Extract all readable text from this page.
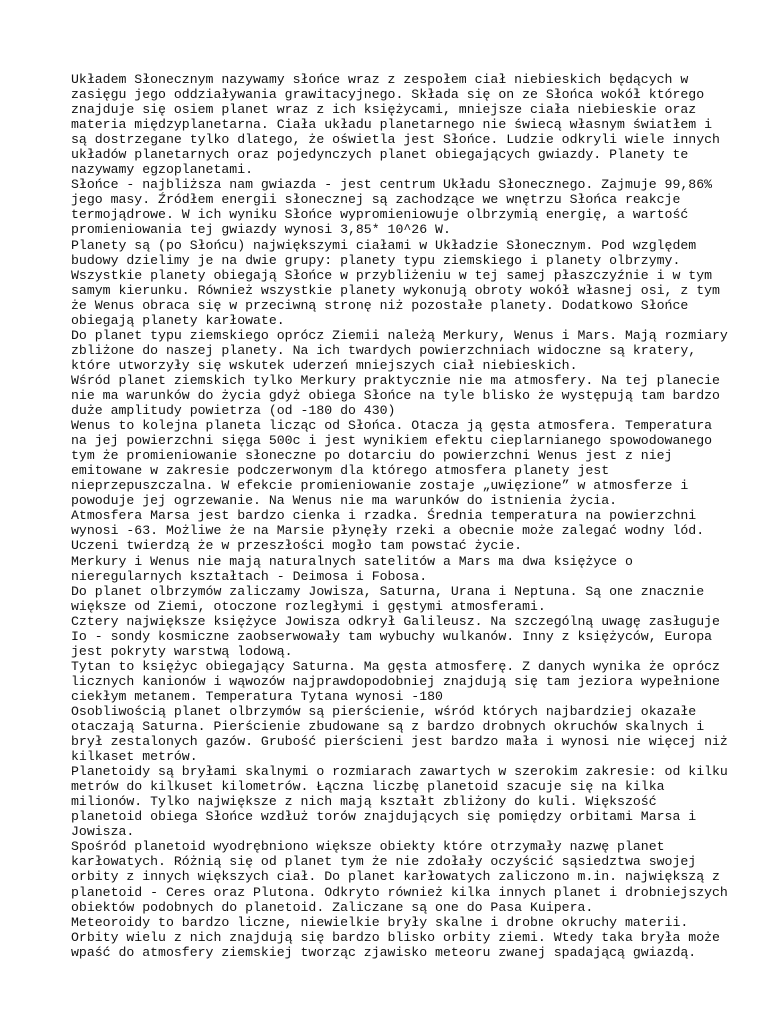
Układem Słonecznym nazywamy słońce wraz z zespołem ciał niebieskich będących w
zasięgu jego oddziaływania grawitacyjnego. Składa się on ze Słońca wokół którego
znajduje się osiem planet wraz z ich księżycami, mniejsze ciała niebieskie oraz
materia międzyplanetarna. Ciała układu planetarnego nie świecą własnym światłem i
są dostrzegane tylko dlatego, że oświetla jest Słońce. Ludzie odkryli wiele innych
układów planetarnych oraz pojedynczych planet obiegających gwiazdy. Planety te
nazywamy egzoplanetami.
Słońce - najbliższa nam gwiazda - jest centrum Układu Słonecznego. Zajmuje 99,86%
jego masy. Źródłem energii słonecznej są zachodzące we wnętrzu Słońca reakcje
termojądrowe. W ich wyniku Słońce wypromieniowuje olbrzymią energię, a wartość
promieniowania tej gwiazdy wynosi 3,85* 10^26 W.
Planety są (po Słońcu) największymi ciałami w Układzie Słonecznym. Pod względem
budowy dzielimy je na dwie grupy: planety typu ziemskiego i planety olbrzymy.
Wszystkie planety obiegają Słońce w przybliżeniu w tej samej płaszczyźnie i w tym
samym kierunku. Również wszystkie planety wykonują obroty wokół własnej osi, z tym
że Wenus obraca się w przeciwną stronę niż pozostałe planety. Dodatkowo Słońce
obiegają planety karłowate.
Do planet typu ziemskiego oprócz Ziemii należą Merkury, Wenus i Mars. Mają rozmiary
zbliżone do naszej planety. Na ich twardych powierzchniach widoczne są kratery,
które utworzyły się wskutek uderzeń mniejszych ciał niebieskich.
Wśród planet ziemskich tylko Merkury praktycznie nie ma atmosfery. Na tej planecie
nie ma warunków do życia gdyż obiega Słońce na tyle blisko że występują tam bardzo
duże amplitudy powietrza (od -180 do 430)
Wenus to kolejna planeta licząc od Słońca. Otacza ją gęsta atmosfera. Temperatura
na jej powierzchni sięga 500c i jest wynikiem efektu cieplarnianego spowodowanego
tym że promieniowanie słoneczne po dotarciu do powierzchni Wenus jest z niej
emitowane w zakresie podczerwonym dla którego atmosfera planety jest
nieprzepuszczalna. W efekcie promieniowanie zostaje „uwięzione” w atmosferze i
powoduje jej ogrzewanie. Na Wenus nie ma warunków do istnienia życia.
Atmosfera Marsa jest bardzo cienka i rzadka. Średnia temperatura na powierzchni
wynosi -63. Możliwe że na Marsie płynęły rzeki a obecnie może zalegać wodny lód.
Uczeni twierdzą że w przeszłości mogło tam powstać życie.
Merkury i Wenus nie mają naturalnych satelitów a Mars ma dwa księżyce o
nieregularnych kształtach - Deimosa i Fobosa.
Do planet olbrzymów zaliczamy Jowisza, Saturna, Urana i Neptuna. Są one znacznie
większe od Ziemi, otoczone rozległymi i gęstymi atmosferami.
Cztery największe księżyce Jowisza odkrył Galileusz. Na szczególną uwagę zasługuje
Io - sondy kosmiczne zaobserwowały tam wybuchy wulkanów. Inny z księżyców, Europa
jest pokryty warstwą lodową.
Tytan to księżyc obiegający Saturna. Ma gęsta atmosferę. Z danych wynika że oprócz
licznych kanionów i wąwozów najprawdopodobniej znajdują się tam jeziora wypełnione
ciekłym metanem. Temperatura Tytana wynosi -180
Osobliwością planet olbrzymów są pierścienie, wśród których najbardziej okazałe
otaczają Saturna. Pierścienie zbudowane są z bardzo drobnych okruchów skalnych i
brył zestalonych gazów. Grubość pierścieni jest bardzo mała i wynosi nie więcej niż
kilkaset metrów.
Planetoidy są bryłami skalnymi o rozmiarach zawartych w szerokim zakresie: od kilku
metrów do kilkuset kilometrów. Łączna liczbę planetoid szacuje się na kilka
milionów. Tylko największe z nich mają kształt zbliżony do kuli. Większość
planetoid obiega Słońce wzdłuż torów znajdujących się pomiędzy orbitami Marsa i
Jowisza.
Spośród planetoid wyodrębniono większe obiekty które otrzymały nazwę planet
karłowatych. Różnią się od planet tym że nie zdołały oczyścić sąsiedztwa swojej
orbity z innych większych ciał. Do planet karłowatych zaliczono m.in. największą z
planetoid - Ceres oraz Plutona. Odkryto również kilka innych planet i drobniejszych
obiektów podobnych do planetoid. Zaliczane są one do Pasa Kuipera.
Meteoroidy to bardzo liczne, niewielkie bryły skalne i drobne okruchy materii.
Orbity wielu z nich znajdują się bardzo blisko orbity ziemi. Wtedy taka bryła może
wpaść do atmosfery ziemskiej tworząc zjawisko meteoru zwanej spadającą gwiazdą.
